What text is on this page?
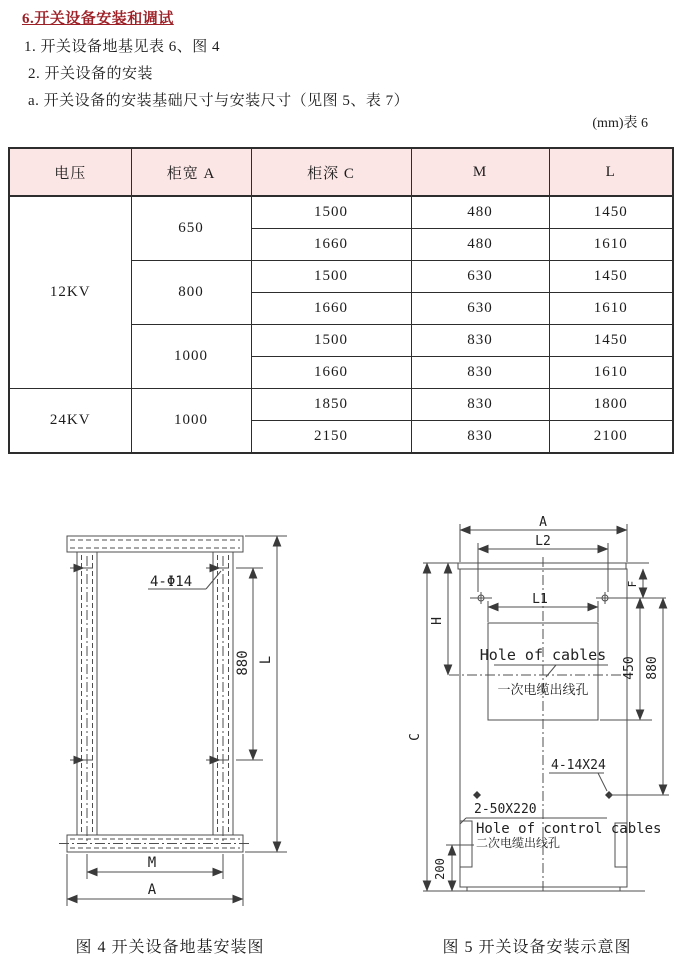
6.开关设备安装和调试
1. 开关设备地基见表 6、图 4
2. 开关设备的安装
a. 开关设备的安装基础尺寸与安装尺寸（见图 5、表 7）
(mm)表 6
电压	柜宽 A	柜深 C	M	L
12KV	650	1500	480	1450
		1660	480	1610
	800	1500	630	1450
		1660	630	1610
	1000	1500	830	1450
		1660	830	1610
24KV	1000	1850	830	1800
		2150	830	2100
4-Φ14
880 L
M
A
A
L2
L1
F
H
C
450 880
200
Hole of cables
一次电缆出线孔
4-14X24
2-50X220
Hole of control cables
二次电缆出线孔
图 4 开关设备地基安装图	图 5 开关设备安装示意图
